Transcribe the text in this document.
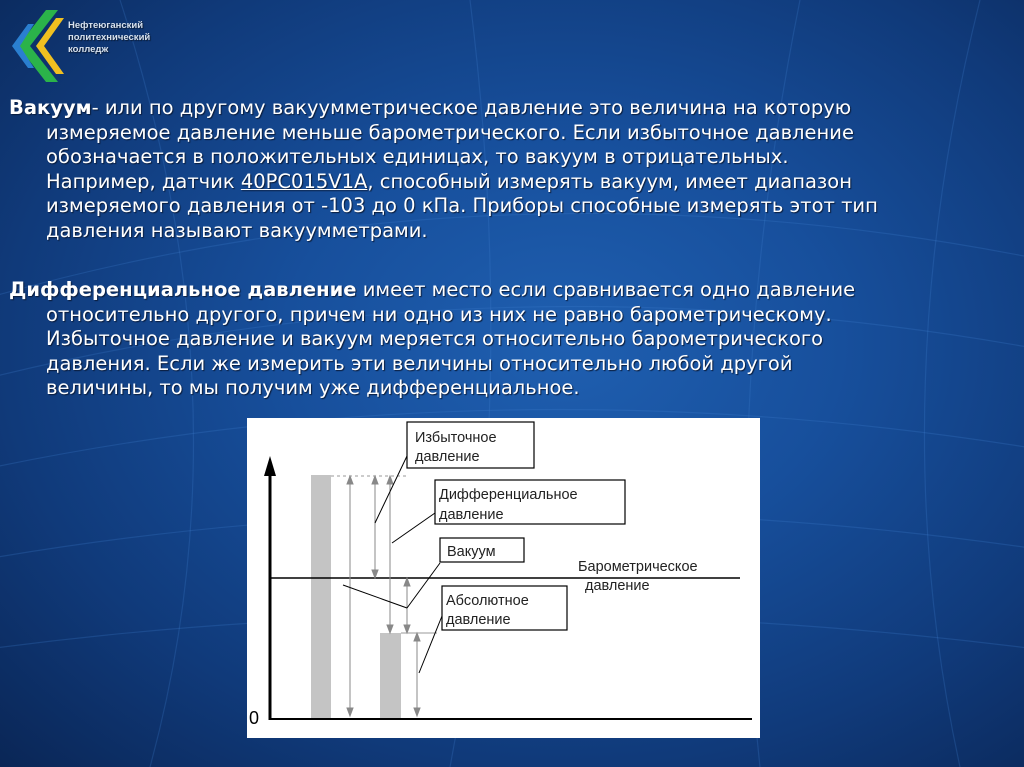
Нефтеюганский
политехнический
колледж
Вакуум- или по другому вакуумметрическое давление это величина на которую
измеряемое давление меньше барометрического. Если избыточное давление
обозначается в положительных единицах, то вакуум в отрицательных.
Например, датчик 40PC015V1A, способный измерять вакуум, имеет диапазон
измеряемого давления от -103 до 0 кПа. Приборы способные измерять этот тип
давления называют вакуумметрами.
Дифференциальное давление имеет место если сравнивается одно давление
относительно другого, причем ни одно из них не равно барометрическому.
Избыточное давление и вакуум меряется относительно барометрического
давления. Если же измерить эти величины относительно любой другой
величины, то мы получим уже дифференциальное.
0
Избыточное
давление
Дифференциальное
давление
Вакуум
Абсолютное
давление
Барометрическое
давление
